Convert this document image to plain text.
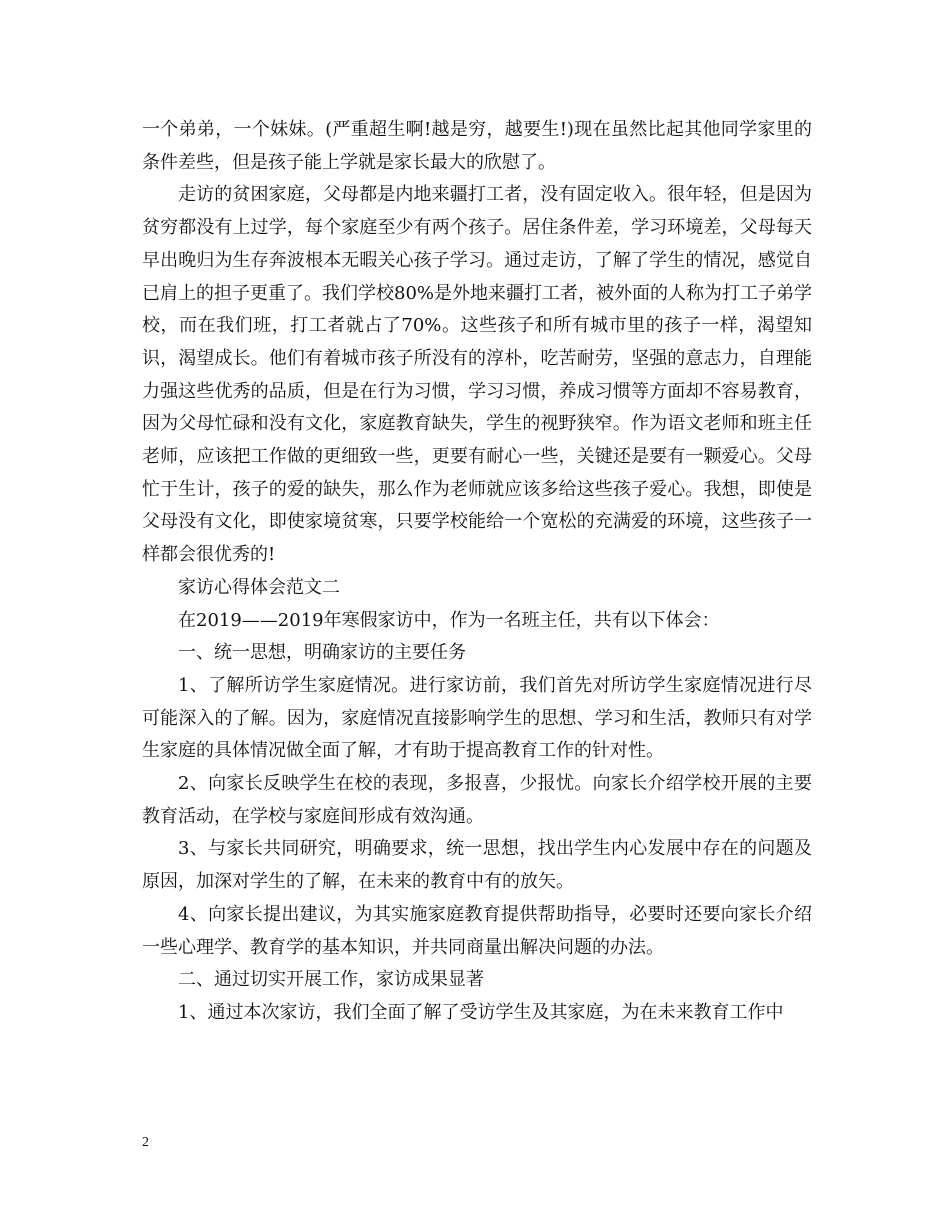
一个弟弟，一个妹妹。(严重超生啊!越是穷，越要生!)现在虽然比起其他同学家里的条件差些，但是孩子能上学就是家长最大的欣慰了。

走访的贫困家庭，父母都是内地来疆打工者，没有固定收入。很年轻，但是因为贫穷都没有上过学，每个家庭至少有两个孩子。居住条件差，学习环境差，父母每天早出晚归为生存奔波根本无暇关心孩子学习。通过走访，了解了学生的情况，感觉自已肩上的担子更重了。我们学校80%是外地来疆打工者，被外面的人称为打工子弟学校，而在我们班，打工者就占了70%。这些孩子和所有城市里的孩子一样，渴望知识，渴望成长。他们有着城市孩子所没有的淳朴，吃苦耐劳，坚强的意志力，自理能力强这些优秀的品质，但是在行为习惯，学习习惯，养成习惯等方面却不容易教育，因为父母忙碌和没有文化，家庭教育缺失，学生的视野狭窄。作为语文老师和班主任老师，应该把工作做的更细致一些，更要有耐心一些，关键还是要有一颗爱心。父母忙于生计，孩子的爱的缺失，那么作为老师就应该多给这些孩子爱心。我想，即使是父母没有文化，即使家境贫寒，只要学校能给一个宽松的充满爱的环境，这些孩子一样都会很优秀的!

家访心得体会范文二

在2019——2019年寒假家访中，作为一名班主任，共有以下体会：

一、统一思想，明确家访的主要任务

1、了解所访学生家庭情况。进行家访前，我们首先对所访学生家庭情况进行尽可能深入的了解。因为，家庭情况直接影响学生的思想、学习和生活，教师只有对学生家庭的具体情况做全面了解，才有助于提高教育工作的针对性。

2、向家长反映学生在校的表现，多报喜，少报忧。向家长介绍学校开展的主要教育活动，在学校与家庭间形成有效沟通。

3、与家长共同研究，明确要求，统一思想，找出学生内心发展中存在的问题及原因，加深对学生的了解，在未来的教育中有的放矢。

4、向家长提出建议，为其实施家庭教育提供帮助指导，必要时还要向家长介绍一些心理学、教育学的基本知识，并共同商量出解决问题的办法。

二、通过切实开展工作，家访成果显著

1、通过本次家访，我们全面了解了受访学生及其家庭，为在未来教育工作中

2
